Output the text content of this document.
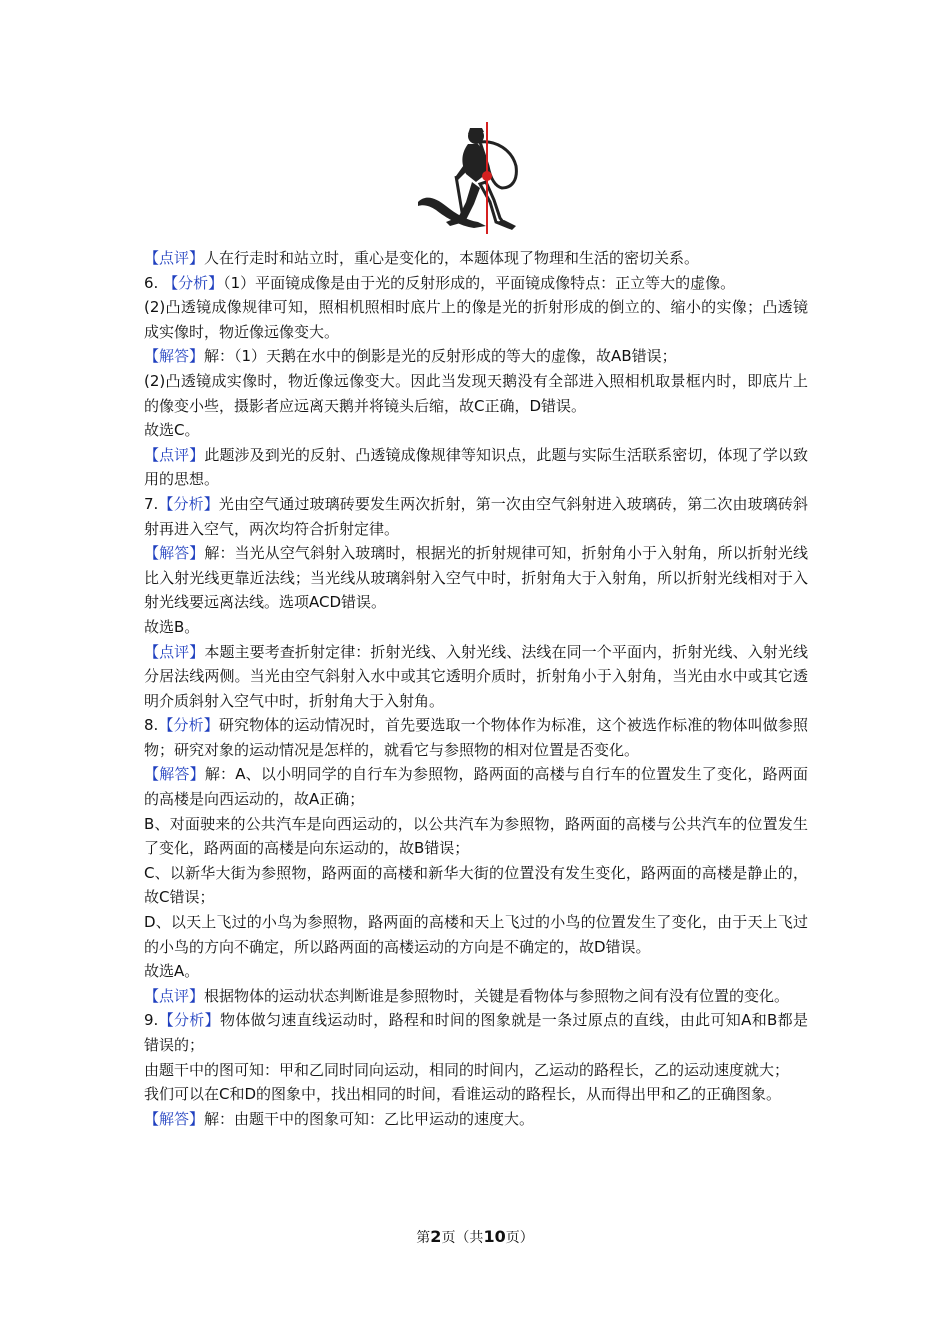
【点评】人在行走时和站立时，重心是变化的，本题体现了物理和生活的密切关系。

6. 【分析】（1）平面镜成像是由于光的反射形成的，平面镜成像特点：正立等大的虚像。

(2)凸透镜成像规律可知，照相机照相时底片上的像是光的折射形成的倒立的、缩小的实像；凸透镜成实像时，物近像远像变大。

【解答】解：（1）天鹅在水中的倒影是光的反射形成的等大的虚像，故AB错误；

(2)凸透镜成实像时，物近像远像变大。因此当发现天鹅没有全部进入照相机取景框内时，即底片上的像变小些，摄影者应远离天鹅并将镜头后缩，故C正确，D错误。

故选C。

【点评】此题涉及到光的反射、凸透镜成像规律等知识点，此题与实际生活联系密切，体现了学以致用的思想。

7.【分析】光由空气通过玻璃砖要发生两次折射，第一次由空气斜射进入玻璃砖，第二次由玻璃砖斜射再进入空气，两次均符合折射定律。

【解答】解：当光从空气斜射入玻璃时，根据光的折射规律可知，折射角小于入射角，所以折射光线比入射光线更靠近法线；当光线从玻璃斜射入空气中时，折射角大于入射角，所以折射光线相对于入射光线要远离法线。选项ACD错误。

故选B。

【点评】本题主要考查折射定律：折射光线、入射光线、法线在同一个平面内，折射光线、入射光线分居法线两侧。当光由空气斜射入水中或其它透明介质时，折射角小于入射角，当光由水中或其它透明介质斜射入空气中时，折射角大于入射角。

8.【分析】研究物体的运动情况时，首先要选取一个物体作为标准，这个被选作标准的物体叫做参照物；研究对象的运动情况是怎样的，就看它与参照物的相对位置是否变化。

【解答】解：A、以小明同学的自行车为参照物，路两面的高楼与自行车的位置发生了变化，路两面的高楼是向西运动的，故A正确；

B、对面驶来的公共汽车是向西运动的，以公共汽车为参照物，路两面的高楼与公共汽车的位置发生了变化，路两面的高楼是向东运动的，故B错误；

C、以新华大街为参照物，路两面的高楼和新华大街的位置没有发生变化，路两面的高楼是静止的，故C错误；

D、以天上飞过的小鸟为参照物，路两面的高楼和天上飞过的小鸟的位置发生了变化，由于天上飞过的小鸟的方向不确定，所以路两面的高楼运动的方向是不确定的，故D错误。

故选A。

【点评】根据物体的运动状态判断谁是参照物时，关键是看物体与参照物之间有没有位置的变化。

9.【分析】物体做匀速直线运动时，路程和时间的图象就是一条过原点的直线，由此可知A和B都是错误的；

由题干中的图可知：甲和乙同时同向运动，相同的时间内，乙运动的路程长，乙的运动速度就大；

我们可以在C和D的图象中，找出相同的时间，看谁运动的路程长，从而得出甲和乙的正确图象。

【解答】解：由题干中的图象可知：乙比甲运动的速度大。

第2页（共10页）
